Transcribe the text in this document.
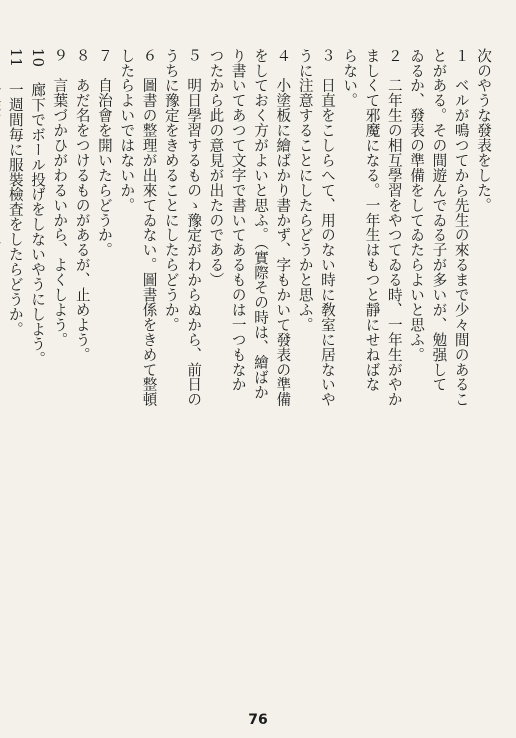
次のやうな發表をした。

１　ベルが鳴つてから先生の來るまで少々間のあるこ

とがある。その間遊んでゐる子が多いが、勉强して

ゐるか、發表の準備をしてゐたらよいと思ふ。

２　二年生の相互學習をやつてゐる時、一年生がやか

ましくて邪魔になる。一年生はもつと靜にせねばな

らない。

３　日直をこしらへて、用のない時に敎室に居ないや

うに注意することにしたらどうかと思ふ。

４　小塗板に繪ばかり書かず、字もかいて發表の準備

をしておく方がよいと思ふ。（實際その時は、繪ばか

り書いてあつて文字で書いてあるものは一つもなか

つたから此の意見が出たのである）

５　明日學習するものゝ豫定がわからぬから、前日の

うちに豫定をきめることにしたらどうか。

６　圖書の整理が出來てゐない。圖書係をきめて整頓

したらよいではないか。

７　自治會を開いたらどうか。

８　あだ名をつけるものがあるが、止めよう。

９　言葉づかひがわるいから、よくしよう。

10　廊下でボール投げをしないやうにしよう。

11　一週間毎に服裝檢査をしたらどうか。

76
